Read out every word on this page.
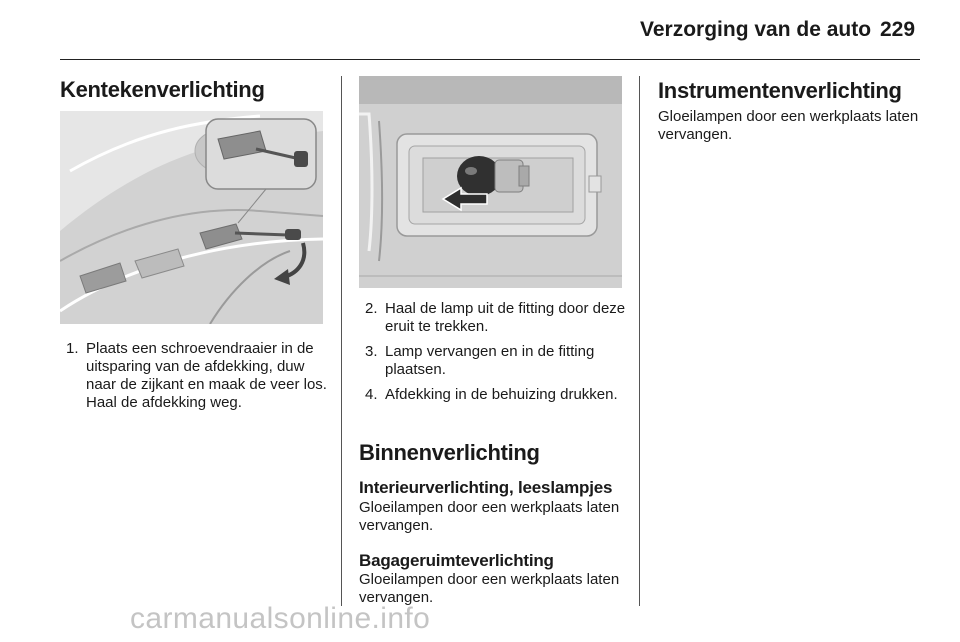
Verzorging van de auto 229
Kentekenverlichting
1. Plaats een schroevendraaier in de uitsparing van de afdekking, duw naar de zijkant en maak de veer los. Haal de afdekking weg.
2. Haal de lamp uit de fitting door deze eruit te trekken.
3. Lamp vervangen en in de fitting plaatsen.
4. Afdekking in de behuizing drukken.
Binnenverlichting
Interieurverlichting, leeslampjes

Gloeilampen door een werkplaats laten vervangen.

Bagageruimteverlichting

Gloeilampen door een werkplaats laten vervangen.

Instrumentenverlichting

Gloeilampen door een werkplaats laten vervangen.

carmanualsonline.info
